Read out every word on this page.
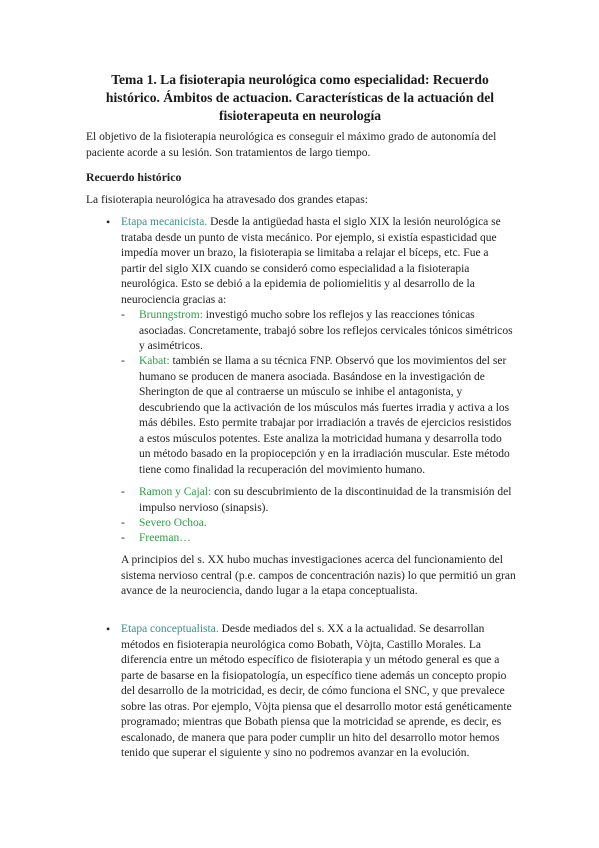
Tema 1. La fisioterapia neurológica como especialidad: Recuerdo histórico. Ámbitos de actuacion. Características de la actuación del fisioterapeuta en neurología

El objetivo de la fisioterapia neurológica es conseguir el máximo grado de autonomía del paciente acorde a su lesión. Son tratamientos de largo tiempo.

Recuerdo histórico

La fisioterapia neurológica ha atravesado dos grandes etapas:

• Etapa mecanicista. Desde la antigüedad hasta el siglo XIX la lesión neurológica se trataba desde un punto de vista mecánico. Por ejemplo, si existía espasticidad que impedía mover un brazo, la fisioterapia se limitaba a relajar el bíceps, etc. Fue a partir del siglo XIX cuando se consideró como especialidad a la fisioterapia neurológica. Esto se debió a la epidemia de poliomielitis y al desarrollo de la neurociencia gracias a:

- Brunngstrom: investigó mucho sobre los reflejos y las reacciones tónicas asociadas. Concretamente, trabajó sobre los reflejos cervicales tónicos simétricos y asimétricos.

- Kabat: también se llama a su técnica FNP. Observó que los movimientos del ser humano se producen de manera asociada. Basándose en la investigación de Sherington de que al contraerse un músculo se inhibe el antagonista, y descubriendo que la activación de los músculos más fuertes irradia y activa a los más débiles. Esto permite trabajar por irradiación a través de ejercicios resistidos a estos músculos potentes. Este analiza la motricidad humana y desarrolla todo un método basado en la propiocepción y en la irradiación muscular. Este método tiene como finalidad la recuperación del movimiento humano.

- Ramon y Cajal: con su descubrimiento de la discontinuidad de la transmisión del impulso nervioso (sinapsis).

- Severo Ochoa.

- Freeman…

A principios del s. XX hubo muchas investigaciones acerca del funcionamiento del sistema nervioso central (p.e. campos de concentración nazis) lo que permitió un gran avance de la neurociencia, dando lugar a la etapa conceptualista.

• Etapa conceptualista. Desde mediados del s. XX a la actualidad. Se desarrollan métodos en fisioterapia neurológica como Bobath, Vòjta, Castillo Morales. La diferencia entre un método específico de fisioterapia y un método general es que a parte de basarse en la fisiopatología, un específico tiene además un concepto propio del desarrollo de la motricidad, es decir, de cómo funciona el SNC, y que prevalece sobre las otras. Por ejemplo, Vòjta piensa que el desarrollo motor está genéticamente programado; mientras que Bobath piensa que la motricidad se aprende, es decir, es escalonado, de manera que para poder cumplir un hito del desarrollo motor hemos tenido que superar el siguiente y sino no podremos avanzar en la evolución.
